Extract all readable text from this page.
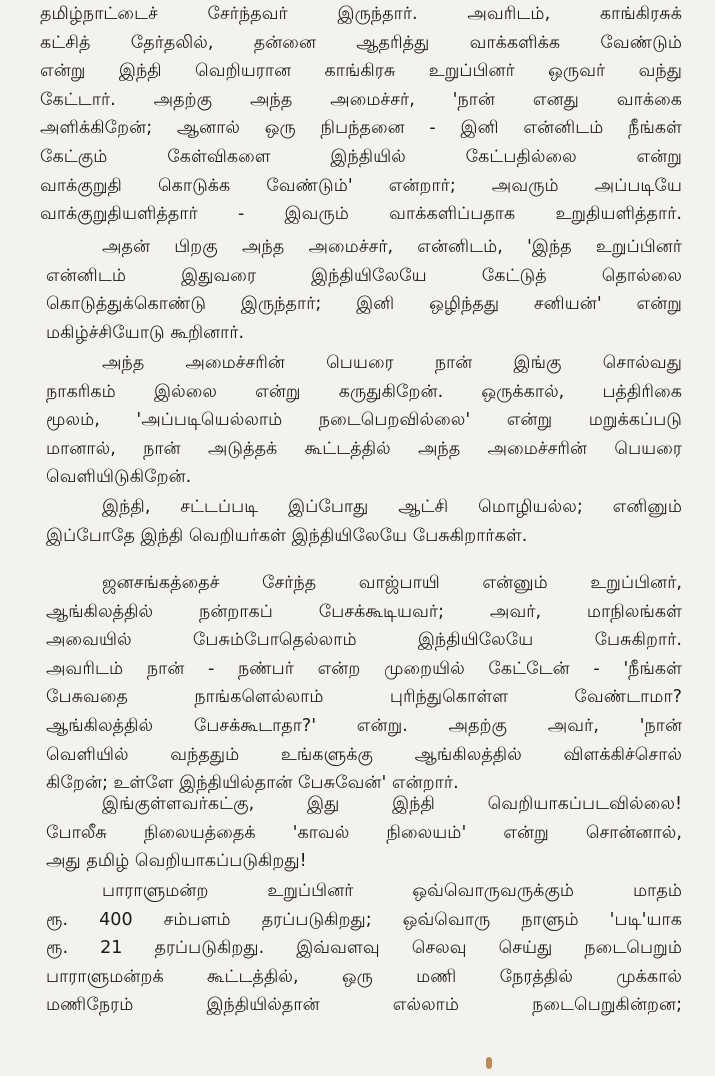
தமிழ்நாட்டைச் சேர்ந்தவர் இருந்தார். அவரிடம், காங்கிரசுக்
கட்சித் தேர்தலில், தன்னை ஆதரித்து வாக்களிக்க வேண்டும்
என்று இந்தி வெறியரான காங்கிரசு உறுப்பினர் ஒருவர் வந்து
கேட்டார். அதற்கு அந்த அமைச்சர், 'நான் எனது வாக்கை
அளிக்கிறேன்; ஆனால் ஒரு நிபந்தனை - இனி என்னிடம் நீங்கள்
கேட்கும் கேள்விகளை இந்தியில் கேட்பதில்லை என்று
வாக்குறுதி கொடுக்க வேண்டும்' என்றார்; அவரும் அப்படியே
வாக்குறுதியளித்தார் - இவரும் வாக்களிப்பதாக உறுதியளித்தார்.
அதன் பிறகு அந்த அமைச்சர், என்னிடம், 'இந்த உறுப்பினர்
என்னிடம் இதுவரை இந்தியிலேயே கேட்டுத் தொல்லை
கொடுத்துக்கொண்டு இருந்தார்; இனி ஒழிந்தது சனியன்' என்று
மகிழ்ச்சியோடு கூறினார்.
அந்த அமைச்சரின் பெயரை நான் இங்கு சொல்வது
நாகரிகம் இல்லை என்று கருதுகிறேன். ஒருக்கால், பத்திரிகை
மூலம், 'அப்படியெல்லாம் நடைபெறவில்லை' என்று மறுக்கப்படு
மானால், நான் அடுத்தக் கூட்டத்தில் அந்த அமைச்சரின் பெயரை
வெளியிடுகிறேன்.
இந்தி, சட்டப்படி இப்போது ஆட்சி மொழியல்ல; எனினும்
இப்போதே இந்தி வெறியர்கள் இந்தியிலேயே பேசுகிறார்கள்.
ஜனசங்கத்தைச் சேர்ந்த வாஜ்பாயி என்னும் உறுப்பினர்,
ஆங்கிலத்தில் நன்றாகப் பேசக்கூடியவர்; அவர், மாநிலங்கள்
அவையில் பேசும்போதெல்லாம் இந்தியிலேயே பேசுகிறார்.
அவரிடம் நான் - நண்பர் என்ற முறையில் கேட்டேன் - 'நீங்கள்
பேசுவதை நாங்களெல்லாம் புரிந்துகொள்ள வேண்டாமா?
ஆங்கிலத்தில் பேசக்கூடாதா?' என்று. அதற்கு அவர், 'நான்
வெளியில் வந்ததும் உங்களுக்கு ஆங்கிலத்தில் விளக்கிச்சொல்
கிறேன்; உள்ளே இந்தியில்தான் பேசுவேன்' என்றார்.
இங்குள்ளவர்கட்கு, இது இந்தி வெறியாகப்படவில்லை!
போலீசு நிலையத்தைக் 'காவல் நிலையம்' என்று சொன்னால்,
அது தமிழ் வெறியாகப்படுகிறது!
பாராளுமன்ற உறுப்பினர் ஒவ்வொருவருக்கும் மாதம்
ரூ. 400 சம்பளம் தரப்படுகிறது; ஒவ்வொரு நாளும் 'படி'யாக
ரூ. 21 தரப்படுகிறது. இவ்வளவு செலவு செய்து நடைபெறும்
பாராளுமன்றக் கூட்டத்தில், ஒரு மணி நேரத்தில் முக்கால்
மணிநேரம் இந்தியில்தான் எல்லாம் நடைபெறுகின்றன;
